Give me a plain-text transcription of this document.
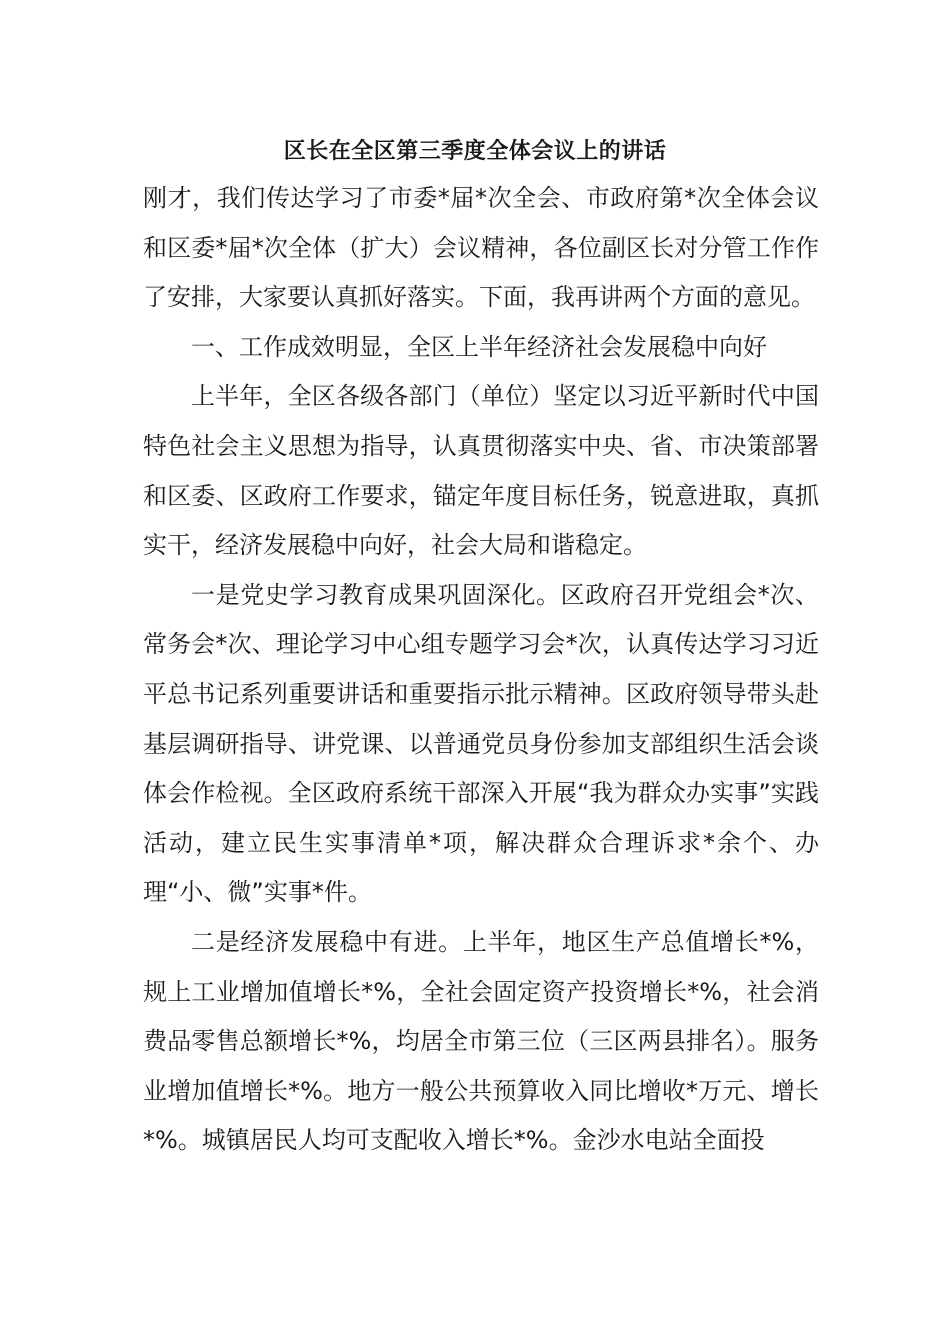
区长在全区第三季度全体会议上的讲话

刚才，我们传达学习了市委*届*次全会、市政府第*次全体会议和区委*届*次全体（扩大）会议精神，各位副区长对分管工作作了安排，大家要认真抓好落实。下面，我再讲两个方面的意见。

一、工作成效明显，全区上半年经济社会发展稳中向好

上半年，全区各级各部门（单位）坚定以习近平新时代中国特色社会主义思想为指导，认真贯彻落实中央、省、市决策部署和区委、区政府工作要求，锚定年度目标任务，锐意进取，真抓实干，经济发展稳中向好，社会大局和谐稳定。

一是党史学习教育成果巩固深化。区政府召开党组会*次、常务会*次、理论学习中心组专题学习会*次，认真传达学习习近平总书记系列重要讲话和重要指示批示精神。区政府领导带头赴基层调研指导、讲党课、以普通党员身份参加支部组织生活会谈体会作检视。全区政府系统干部深入开展“我为群众办实事”实践活动，建立民生实事清单*项，解决群众合理诉求*余个、办理“小、微”实事*件。

二是经济发展稳中有进。上半年，地区生产总值增长*%，规上工业增加值增长*%，全社会固定资产投资增长*%，社会消费品零售总额增长*%，均居全市第三位（三区两县排名）。服务业增加值增长*%。地方一般公共预算收入同比增收*万元、增长*%。城镇居民人均可支配收入增长*%。金沙水电站全面投
